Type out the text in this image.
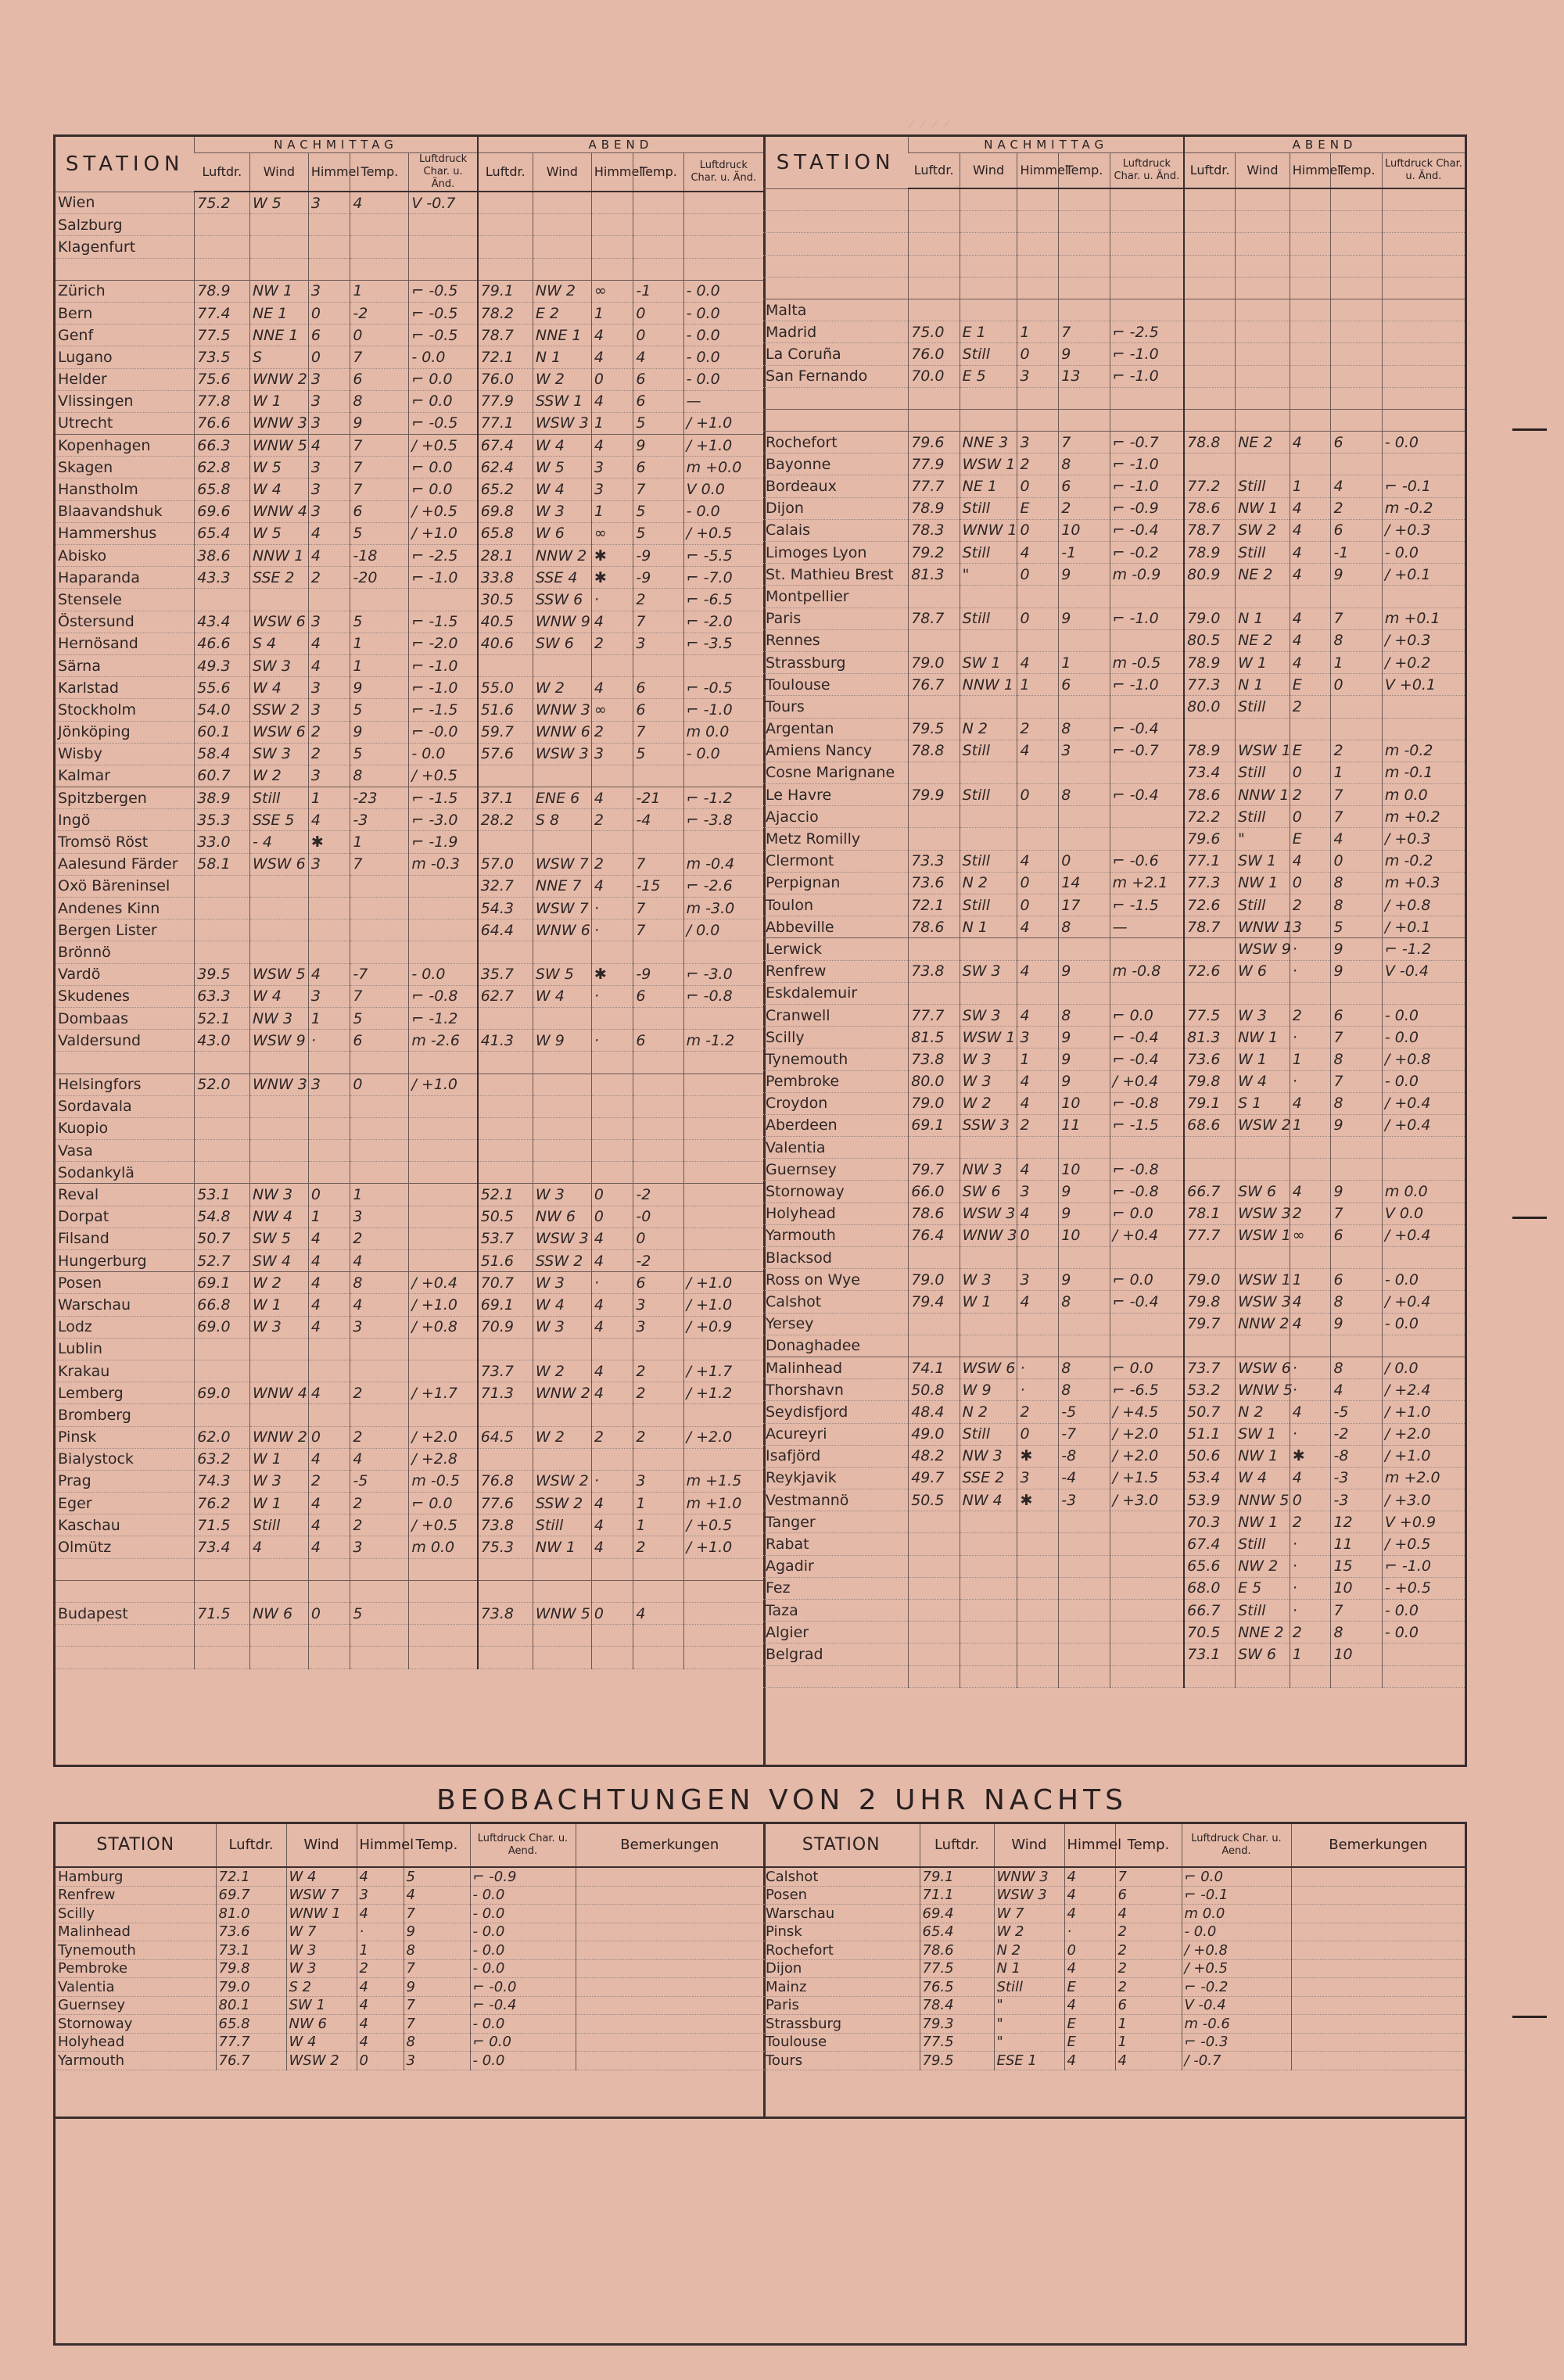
ᐟᐟᐟᐟ
STATION	NACHMITTAG					ABEND				
	Luftdr.	Wind	Himmel	Temp.	Luftdruck Char. u. Änd.	Luftdr.	Wind	Himmel	Temp.	Luftdruck Char. u. Änd.
Wien	75.2	W 5	3	4	V -0.7					
Salzburg										
Klagenfurt										

Zürich	78.9	NW 1	3	1	⌐ -0.5	79.1	NW 2	∞	-1	- 0.0
Bern	77.4	NE 1	0	-2	⌐ -0.5	78.2	E 2	1	0	- 0.0
Genf	77.5	NNE 1	6	0	⌐ -0.5	78.7	NNE 1	4	0	- 0.0
Lugano	73.5	S	0	7	- 0.0	72.1	N 1	4	4	- 0.0
Helder	75.6	WNW 2	3	6	⌐ 0.0	76.0	W 2	0	6	- 0.0
Vlissingen	77.8	W 1	3	8	⌐ 0.0	77.9	SSW 1	4	6	—
Utrecht	76.6	WNW 3	3	9	⌐ -0.5	77.1	WSW 3	1	5	/ +1.0
Kopenhagen	66.3	WNW 5	4	7	/ +0.5	67.4	W 4	4	9	/ +1.0
Skagen	62.8	W 5	3	7	⌐ 0.0	62.4	W 5	3	6	m +0.0
Hanstholm	65.8	W 4	3	7	⌐ 0.0	65.2	W 4	3	7	V 0.0
Blaavandshuk	69.6	WNW 4	3	6	/ +0.5	69.8	W 3	1	5	- 0.0
Hammershus	65.4	W 5	4	5	/ +1.0	65.8	W 6	∞	5	/ +0.5
Abisko	38.6	NNW 1	4	-18	⌐ -2.5	28.1	NNW 2	✱	-9	⌐ -5.5
Haparanda	43.3	SSE 2	2	-20	⌐ -1.0	33.8	SSE 4	✱	-9	⌐ -7.0
Stensele						30.5	SSW 6	·	2	⌐ -6.5
Östersund	43.4	WSW 6	3	5	⌐ -1.5	40.5	WNW 9	4	7	⌐ -2.0
Hernösand	46.6	S 4	4	1	⌐ -2.0	40.6	SW 6	2	3	⌐ -3.5
Särna	49.3	SW 3	4	1	⌐ -1.0					
Karlstad	55.6	W 4	3	9	⌐ -1.0	55.0	W 2	4	6	⌐ -0.5
Stockholm	54.0	SSW 2	3	5	⌐ -1.5	51.6	WNW 3	∞	6	⌐ -1.0
Jönköping	60.1	WSW 6	2	9	⌐ -0.0	59.7	WNW 6	2	7	m 0.0
Wisby	58.4	SW 3	2	5	- 0.0	57.6	WSW 3	3	5	- 0.0
Kalmar	60.7	W 2	3	8	/ +0.5					
Spitzbergen	38.9	Still	1	-23	⌐ -1.5	37.1	ENE 6	4	-21	⌐ -1.2
Ingö	35.3	SSE 5	4	-3	⌐ -3.0	28.2	S 8	2	-4	⌐ -3.8
Tromsö Röst	33.0	- 4	✱	1	⌐ -1.9					
Aalesund Färder	58.1	WSW 6	3	7	m -0.3	57.0	WSW 7	2	7	m -0.4
Oxö Bäreninsel						32.7	NNE 7	4	-15	⌐ -2.6
Andenes Kinn						54.3	WSW 7	·	7	m -3.0
Bergen Lister						64.4	WNW 6	·	7	/ 0.0
Brönnö										
Vardö	39.5	WSW 5	4	-7	- 0.0	35.7	SW 5	✱	-9	⌐ -3.0
Skudenes	63.3	W 4	3	7	⌐ -0.8	62.7	W 4	·	6	⌐ -0.8
Dombaas	52.1	NW 3	1	5	⌐ -1.2					
Valdersund	43.0	WSW 9	·	6	m -2.6	41.3	W 9	·	6	m -1.2

Helsingfors	52.0	WNW 3	3	0	/ +1.0					
Sordavala										
Kuopio										
Vasa										
Sodankylä										
Reval	53.1	NW 3	0	1		52.1	W 3	0	-2	
Dorpat	54.8	NW 4	1	3		50.5	NW 6	0	-0	
Filsand	50.7	SW 5	4	2		53.7	WSW 3	4	0	
Hungerburg	52.7	SW 4	4	4		51.6	SSW 2	4	-2	
Posen	69.1	W 2	4	8	/ +0.4	70.7	W 3	·	6	/ +1.0
Warschau	66.8	W 1	4	4	/ +1.0	69.1	W 4	4	3	/ +1.0
Lodz	69.0	W 3	4	3	/ +0.8	70.9	W 3	4	3	/ +0.9
Lublin										
Krakau						73.7	W 2	4	2	/ +1.7
Lemberg	69.0	WNW 4	4	2	/ +1.7	71.3	WNW 2	4	2	/ +1.2
Bromberg										
Pinsk	62.0	WNW 2	0	2	/ +2.0	64.5	W 2	2	2	/ +2.0
Bialystock	63.2	W 1	4	4	/ +2.8					
Prag	74.3	W 3	2	-5	m -0.5	76.8	WSW 2	·	3	m +1.5
Eger	76.2	W 1	4	2	⌐ 0.0	77.6	SSW 2	4	1	m +1.0
Kaschau	71.5	Still	4	2	/ +0.5	73.8	Still	4	1	/ +0.5
Olmütz	73.4	4	4	3	m 0.0	75.3	NW 1	4	2	/ +1.0

Budapest	71.5	NW 6	0	5		73.8	WNW 5	0	4	

STATION	NACHMITTAG					ABEND				
	Luftdr.	Wind	Himmel	Temp.	Luftdruck Char. u. Änd.	Luftdr.	Wind	Himmel	Temp.	Luftdruck Char. u. Änd.

Malta										
Madrid	75.0	E 1	1	7	⌐ -2.5					
La Coruña	76.0	Still	0	9	⌐ -1.0					
San Fernando	70.0	E 5	3	13	⌐ -1.0					

Rochefort	79.6	NNE 3	3	7	⌐ -0.7	78.8	NE 2	4	6	- 0.0
Bayonne	77.9	WSW 1	2	8	⌐ -1.0					
Bordeaux	77.7	NE 1	0	6	⌐ -1.0	77.2	Still	1	4	⌐ -0.1
Dijon	78.9	Still	E	2	⌐ -0.9	78.6	NW 1	4	2	m -0.2
Calais	78.3	WNW 1	0	10	⌐ -0.4	78.7	SW 2	4	6	/ +0.3
Limoges Lyon	79.2	Still	4	-1	⌐ -0.2	78.9	Still	4	-1	- 0.0
St. Mathieu Brest	81.3	"	0	9	m -0.9	80.9	NE 2	4	9	/ +0.1
Montpellier										
Paris	78.7	Still	0	9	⌐ -1.0	79.0	N 1	4	7	m +0.1
Rennes						80.5	NE 2	4	8	/ +0.3
Strassburg	79.0	SW 1	4	1	m -0.5	78.9	W 1	4	1	/ +0.2
Toulouse	76.7	NNW 1	1	6	⌐ -1.0	77.3	N 1	E	0	V +0.1
Tours						80.0	Still	2		
Argentan	79.5	N 2	2	8	⌐ -0.4					
Amiens Nancy	78.8	Still	4	3	⌐ -0.7	78.9	WSW 1	E	2	m -0.2
Cosne Marignane						73.4	Still	0	1	m -0.1
Le Havre	79.9	Still	0	8	⌐ -0.4	78.6	NNW 1	2	7	m 0.0
Ajaccio						72.2	Still	0	7	m +0.2
Metz Romilly						79.6	"	E	4	/ +0.3
Clermont	73.3	Still	4	0	⌐ -0.6	77.1	SW 1	4	0	m -0.2
Perpignan	73.6	N 2	0	14	m +2.1	77.3	NW 1	0	8	m +0.3
Toulon	72.1	Still	0	17	⌐ -1.5	72.6	Still	2	8	/ +0.8
Abbeville	78.6	N 1	4	8	—	78.7	WNW 1	3	5	/ +0.1
Lerwick							WSW 9	·	9	⌐ -1.2
Renfrew	73.8	SW 3	4	9	m -0.8	72.6	W 6	·	9	V -0.4
Eskdalemuir										
Cranwell	77.7	SW 3	4	8	⌐ 0.0	77.5	W 3	2	6	- 0.0
Scilly	81.5	WSW 1	3	9	⌐ -0.4	81.3	NW 1	·	7	- 0.0
Tynemouth	73.8	W 3	1	9	⌐ -0.4	73.6	W 1	1	8	/ +0.8
Pembroke	80.0	W 3	4	9	/ +0.4	79.8	W 4	·	7	- 0.0
Croydon	79.0	W 2	4	10	⌐ -0.8	79.1	S 1	4	8	/ +0.4
Aberdeen	69.1	SSW 3	2	11	⌐ -1.5	68.6	WSW 2	1	9	/ +0.4
Valentia										
Guernsey	79.7	NW 3	4	10	⌐ -0.8					
Stornoway	66.0	SW 6	3	9	⌐ -0.8	66.7	SW 6	4	9	m 0.0
Holyhead	78.6	WSW 3	4	9	⌐ 0.0	78.1	WSW 3	2	7	V 0.0
Yarmouth	76.4	WNW 3	0	10	/ +0.4	77.7	WSW 1	∞	6	/ +0.4
Blacksod										
Ross on Wye	79.0	W 3	3	9	⌐ 0.0	79.0	WSW 1	1	6	- 0.0
Calshot	79.4	W 1	4	8	⌐ -0.4	79.8	WSW 3	4	8	/ +0.4
Yersey						79.7	NNW 2	4	9	- 0.0
Donaghadee										
Malinhead	74.1	WSW 6	·	8	⌐ 0.0	73.7	WSW 6	·	8	/ 0.0
Thorshavn	50.8	W 9	·	8	⌐ -6.5	53.2	WNW 5	·	4	/ +2.4
Seydisfjord	48.4	N 2	2	-5	/ +4.5	50.7	N 2	4	-5	/ +1.0
Acureyri	49.0	Still	0	-7	/ +2.0	51.1	SW 1	·	-2	/ +2.0
Isafjörd	48.2	NW 3	✱	-8	/ +2.0	50.6	NW 1	✱	-8	/ +1.0
Reykjavik	49.7	SSE 2	3	-4	/ +1.5	53.4	W 4	4	-3	m +2.0
Vestmannö	50.5	NW 4	✱	-3	/ +3.0	53.9	NNW 5	0	-3	/ +3.0
Tanger						70.3	NW 1	2	12	V +0.9
Rabat						67.4	Still	·	11	/ +0.5
Agadir						65.6	NW 2	·	15	⌐ -1.0
Fez						68.0	E 5	·	10	- +0.5
Taza						66.7	Still	·	7	- 0.0
Algier						70.5	NNE 2	2	8	- 0.0
Belgrad						73.1	SW 6	1	10	

BEOBACHTUNGEN VON 2 UHR NACHTS
STATION	Luftdr.	Wind	Himmel	Temp.	Luftdruck Char. u. Aend.	Bemerkungen
Hamburg	72.1	W 4	4	5	⌐ -0.9	
Renfrew	69.7	WSW 7	3	4	- 0.0	
Scilly	81.0	WNW 1	4	7	- 0.0	
Malinhead	73.6	W 7	·	9	- 0.0	
Tynemouth	73.1	W 3	1	8	- 0.0	
Pembroke	79.8	W 3	2	7	- 0.0	
Valentia	79.0	S 2	4	9	⌐ -0.0	
Guernsey	80.1	SW 1	4	7	⌐ -0.4	
Stornoway	65.8	NW 6	4	7	- 0.0	
Holyhead	77.7	W 4	4	8	⌐ 0.0	
Yarmouth	76.7	WSW 2	0	3	- 0.0	
STATION	Luftdr.	Wind	Himmel	Temp.	Luftdruck Char. u. Aend.	Bemerkungen
Calshot	79.1	WNW 3	4	7	⌐ 0.0	
Posen	71.1	WSW 3	4	6	⌐ -0.1	
Warschau	69.4	W 7	4	4	m 0.0	
Pinsk	65.4	W 2	·	2	- 0.0	
Rochefort	78.6	N 2	0	2	/ +0.8	
Dijon	77.5	N 1	4	2	/ +0.5	
Mainz	76.5	Still	E	2	⌐ -0.2	
Paris	78.4	"	4	6	V -0.4	
Strassburg	79.3	"	E	1	m -0.6	
Toulouse	77.5	"	E	1	⌐ -0.3	
Tours	79.5	ESE 1	4	4	/ -0.7	
